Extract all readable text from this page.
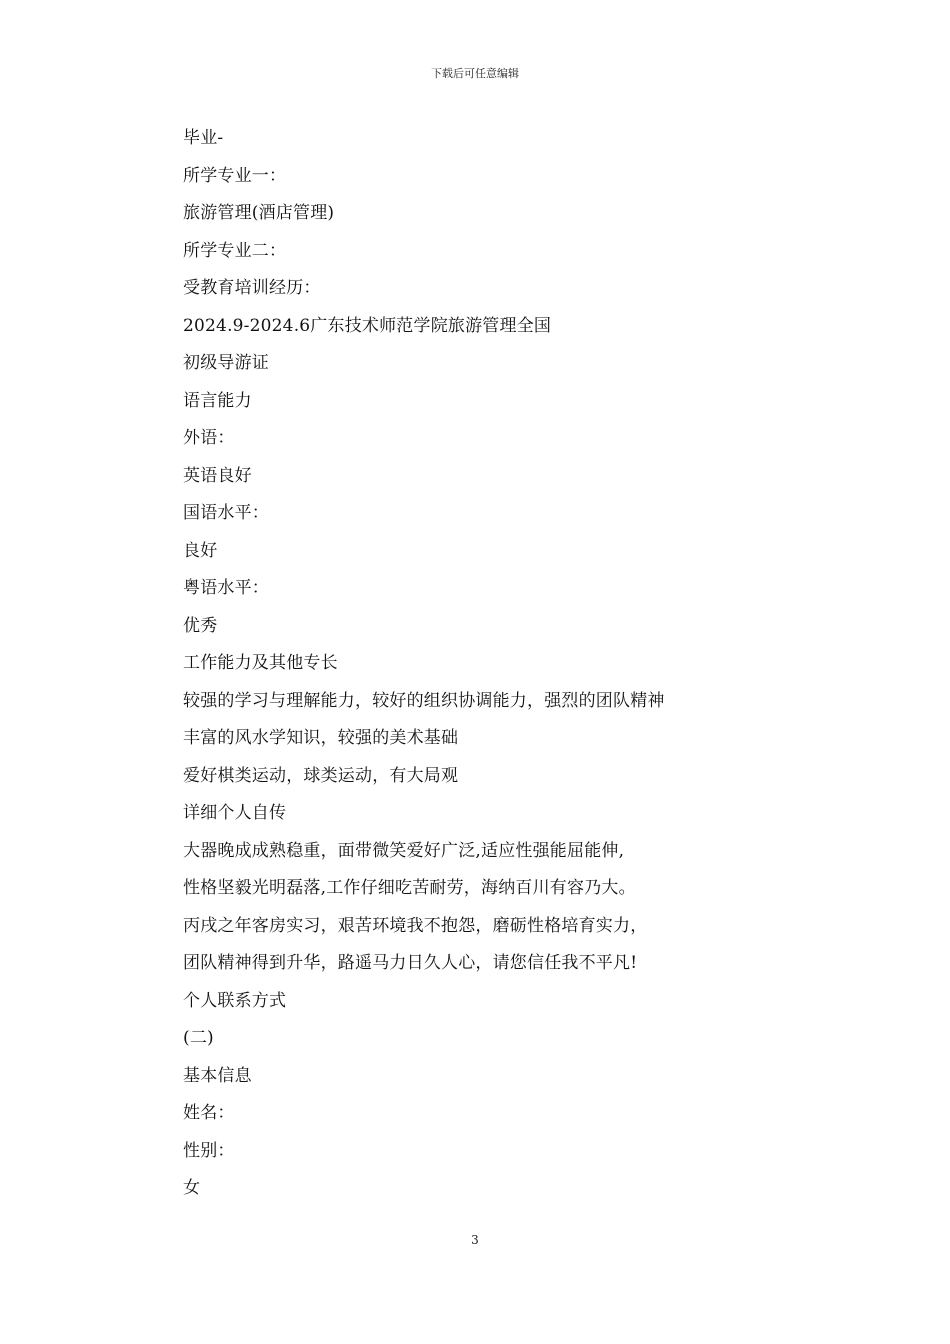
下载后可任意编辑
毕业-
所学专业一：
旅游管理(酒店管理)
所学专业二：
受教育培训经历：
2024.9-2024.6广东技术师范学院旅游管理全国
初级导游证
语言能力
外语：
英语良好
国语水平：
良好
粤语水平：
优秀
工作能力及其他专长
较强的学习与理解能力，较好的组织协调能力，强烈的团队精神
丰富的风水学知识，较强的美术基础
爱好棋类运动，球类运动，有大局观
详细个人自传
大器晚成成熟稳重，面带微笑爱好广泛,适应性强能屈能伸,
性格坚毅光明磊落,工作仔细吃苦耐劳，海纳百川有容乃大。
丙戌之年客房实习，艰苦环境我不抱怨，磨砺性格培育实力，
团队精神得到升华，路遥马力日久人心，请您信任我不平凡!
个人联系方式
(二)
基本信息
姓名：
性别：
女
3
